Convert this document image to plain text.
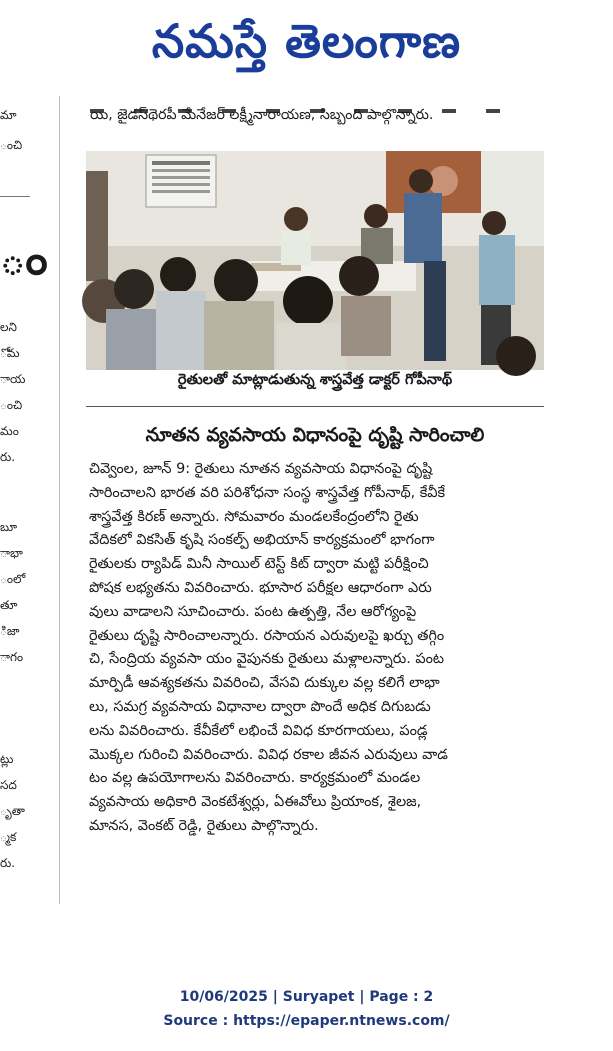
నమస్తే తెలంగాణ
మా
ంచి
ం
లని
ోమ
ాయ
ంచి
మం
రు.
బూ
ాభా
ంలో
తూ
ిజా
ాగం
ట్లు
సద
ృతా
్మక
రు.
యి, జైడస్‌థెరపీ మేనేజర్ లక్ష్మీనారాయణ, సిబ్బంది పాల్గొన్నారు.
రైతులతో మాట్లాడుతున్న శాస్త్రవేత్త డాక్టర్ గోపీనాథ్
నూతన వ్యవసాయ విధానంపై దృష్టి సారించాలి
చివ్వెంల, జూన్ 9: రైతులు నూతన వ్యవసాయ విధానంపై దృష్టి
సారించాలని భారత వరి పరిశోధనా సంస్థ శాస్త్రవేత్త గోపీనాథ్, కేవీకే
శాస్త్రవేత్త కిరణ్ అన్నారు. సోమవారం మండలకేంద్రంలోని రైతు
వేదికలో వికసిత్ కృషి సంకల్ప్ అభియాన్ కార్యక్రమంలో భాగంగా
రైతులకు ర్యాపిడ్ మినీ సాయిల్ టెస్ట్ కిట్ ద్వారా మట్టి పరీక్షించి
పోషక లభ్యతను వివరించారు. భూసార పరీక్షల ఆధారంగా ఎరు
వులు వాడాలని సూచించారు. పంట ఉత్పత్తి, నేల ఆరోగ్యంపై
రైతులు దృష్టి సారించాలన్నారు. రసాయన ఎరువులపై ఖర్చు తగ్గిం
చి, సేంద్రియ వ్యవసా యం వైపునకు రైతులు మళ్లాలన్నారు. పంట
మార్పిడీ ఆవశ్యకతను వివరించి, వేసవి దుక్కుల వల్ల కలిగే లాభా
లు, సమగ్ర వ్యవసాయ విధానాల ద్వారా పొందే అధిక దిగుబడు
లను వివరించారు. కేవీకేలో లభించే వివిధ కూరగాయలు, పండ్ల
మొక్కల గురించి వివరించారు. వివిధ రకాల జీవన ఎరువులు వాడ
టం వల్ల ఉపయోగాలను వివరించారు. కార్యక్రమంలో మండల
వ్యవసాయ అధికారి వెంకటేశ్వర్లు, ఏఈవోలు ప్రియాంక, శైలజ,
మానస, వెంకట్ రెడ్డి, రైతులు పాల్గొన్నారు.
10/06/2025 | Suryapet | Page : 2
Source : https://epaper.ntnews.com/
